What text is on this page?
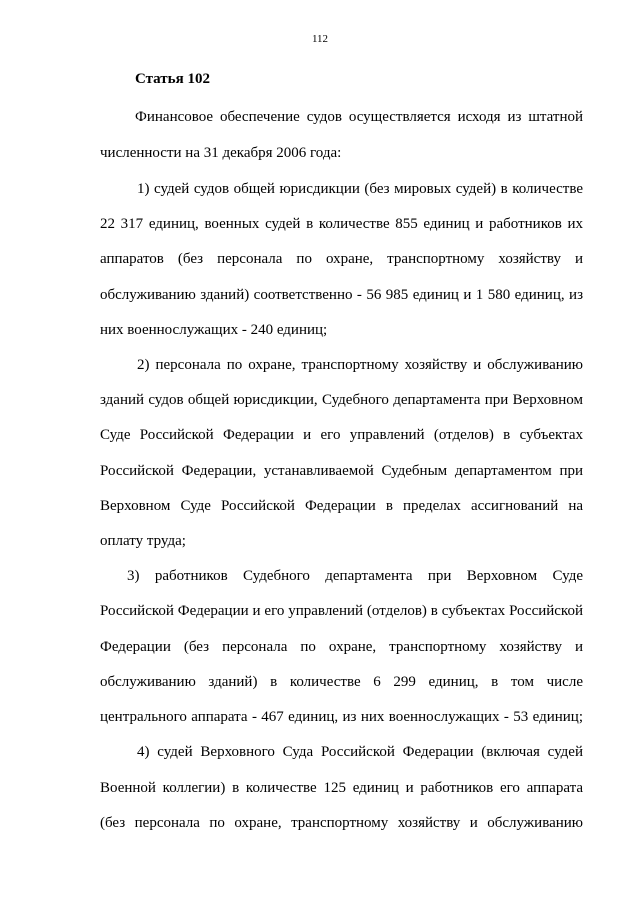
112
Статья 102
Финансовое обеспечение судов осуществляется исходя из штатной
численности на 31 декабря 2006 года:
1) судей судов общей юрисдикции (без мировых судей) в количестве
22 317 единиц, военных судей в количестве 855 единиц и работников их
аппаратов (без персонала по охране, транспортному хозяйству и
обслуживанию зданий) соответственно - 56 985 единиц и 1 580 единиц, из
них военнослужащих - 240 единиц;
2) персонала по охране, транспортному хозяйству и обслуживанию
зданий судов общей юрисдикции, Судебного департамента при Верховном
Суде Российской Федерации и его управлений (отделов) в субъектах
Российской Федерации, устанавливаемой Судебным департаментом при
Верховном Суде Российской Федерации в пределах ассигнований на
оплату труда;
3) работников Судебного департамента при Верховном Суде
Российской Федерации и его управлений (отделов) в субъектах Российской
Федерации (без персонала по охране, транспортному хозяйству и
обслуживанию зданий) в количестве 6 299 единиц, в том числе
центрального аппарата - 467 единиц, из них военнослужащих - 53 единиц;
4) судей Верховного Суда Российской Федерации (включая судей
Военной коллегии) в количестве 125 единиц и работников его аппарата
(без персонала по охране, транспортному хозяйству и обслуживанию
